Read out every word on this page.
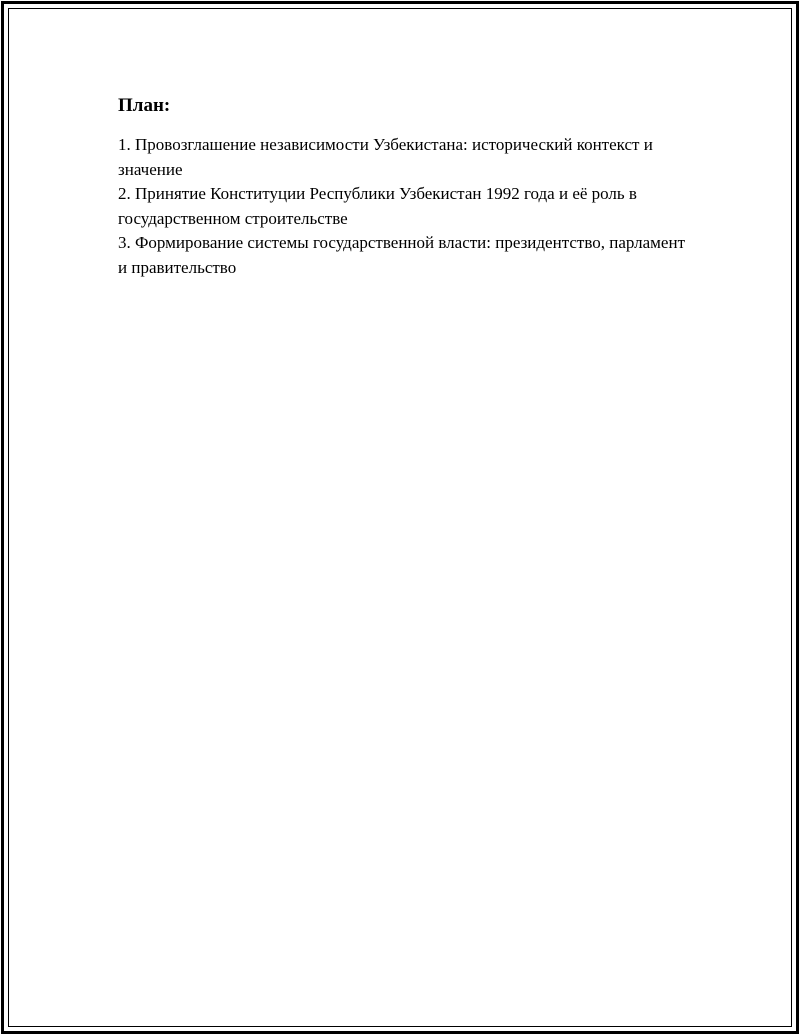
План:
1. Провозглашение независимости Узбекистана: исторический контекст и значение
2. Принятие Конституции Республики Узбекистан 1992 года и её роль в государственном строительстве
3. Формирование системы государственной власти: президентство, парламент и правительство
